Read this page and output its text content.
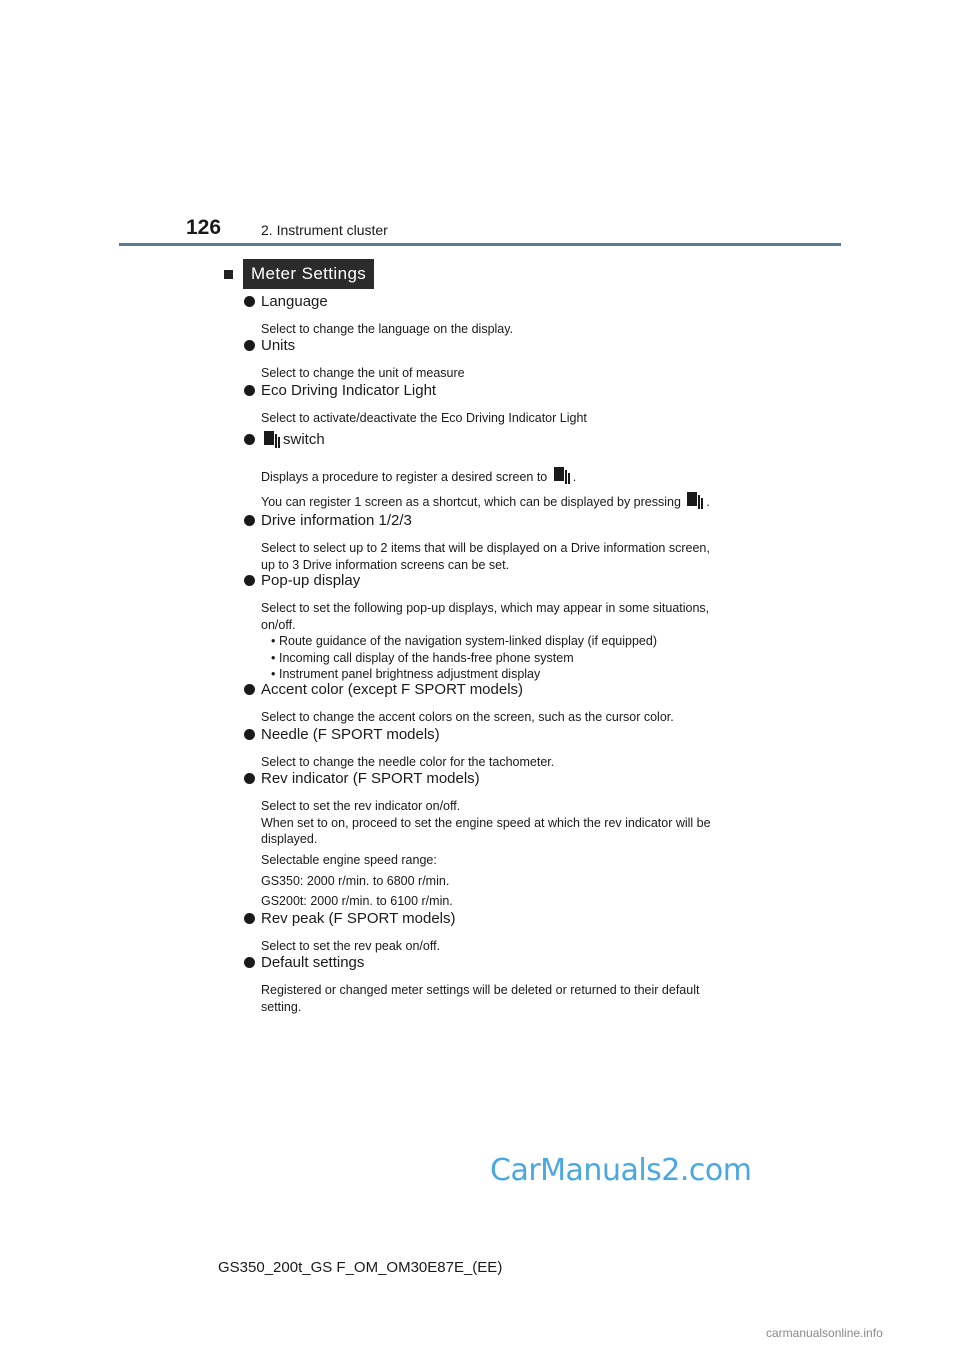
126	2. Instrument cluster
Meter Settings
Language
Select to change the language on the display.
Units
Select to change the unit of measure
Eco Driving Indicator Light
Select to activate/deactivate the Eco Driving Indicator Light
switch
Displays a procedure to register a desired screen to .
You can register 1 screen as a shortcut, which can be displayed by pressing .
Drive information 1/2/3
Select to select up to 2 items that will be displayed on a Drive information screen,
up to 3 Drive information screens can be set.
Pop-up display
Select to set the following pop-up displays, which may appear in some situations,
on/off.
• Route guidance of the navigation system-linked display (if equipped)
• Incoming call display of the hands-free phone system
• Instrument panel brightness adjustment display
Accent color (except F SPORT models)
Select to change the accent colors on the screen, such as the cursor color.
Needle (F SPORT models)
Select to change the needle color for the tachometer.
Rev indicator (F SPORT models)
Select to set the rev indicator on/off.
When set to on, proceed to set the engine speed at which the rev indicator will be
displayed.
Selectable engine speed range:
GS350: 2000 r/min. to 6800 r/min.
GS200t: 2000 r/min. to 6100 r/min.
Rev peak (F SPORT models)
Select to set the rev peak on/off.
Default settings
Registered or changed meter settings will be deleted or returned to their default
setting.
CarManuals2.com
GS350_200t_GS F_OM_OM30E87E_(EE)
carmanualsonline.info
